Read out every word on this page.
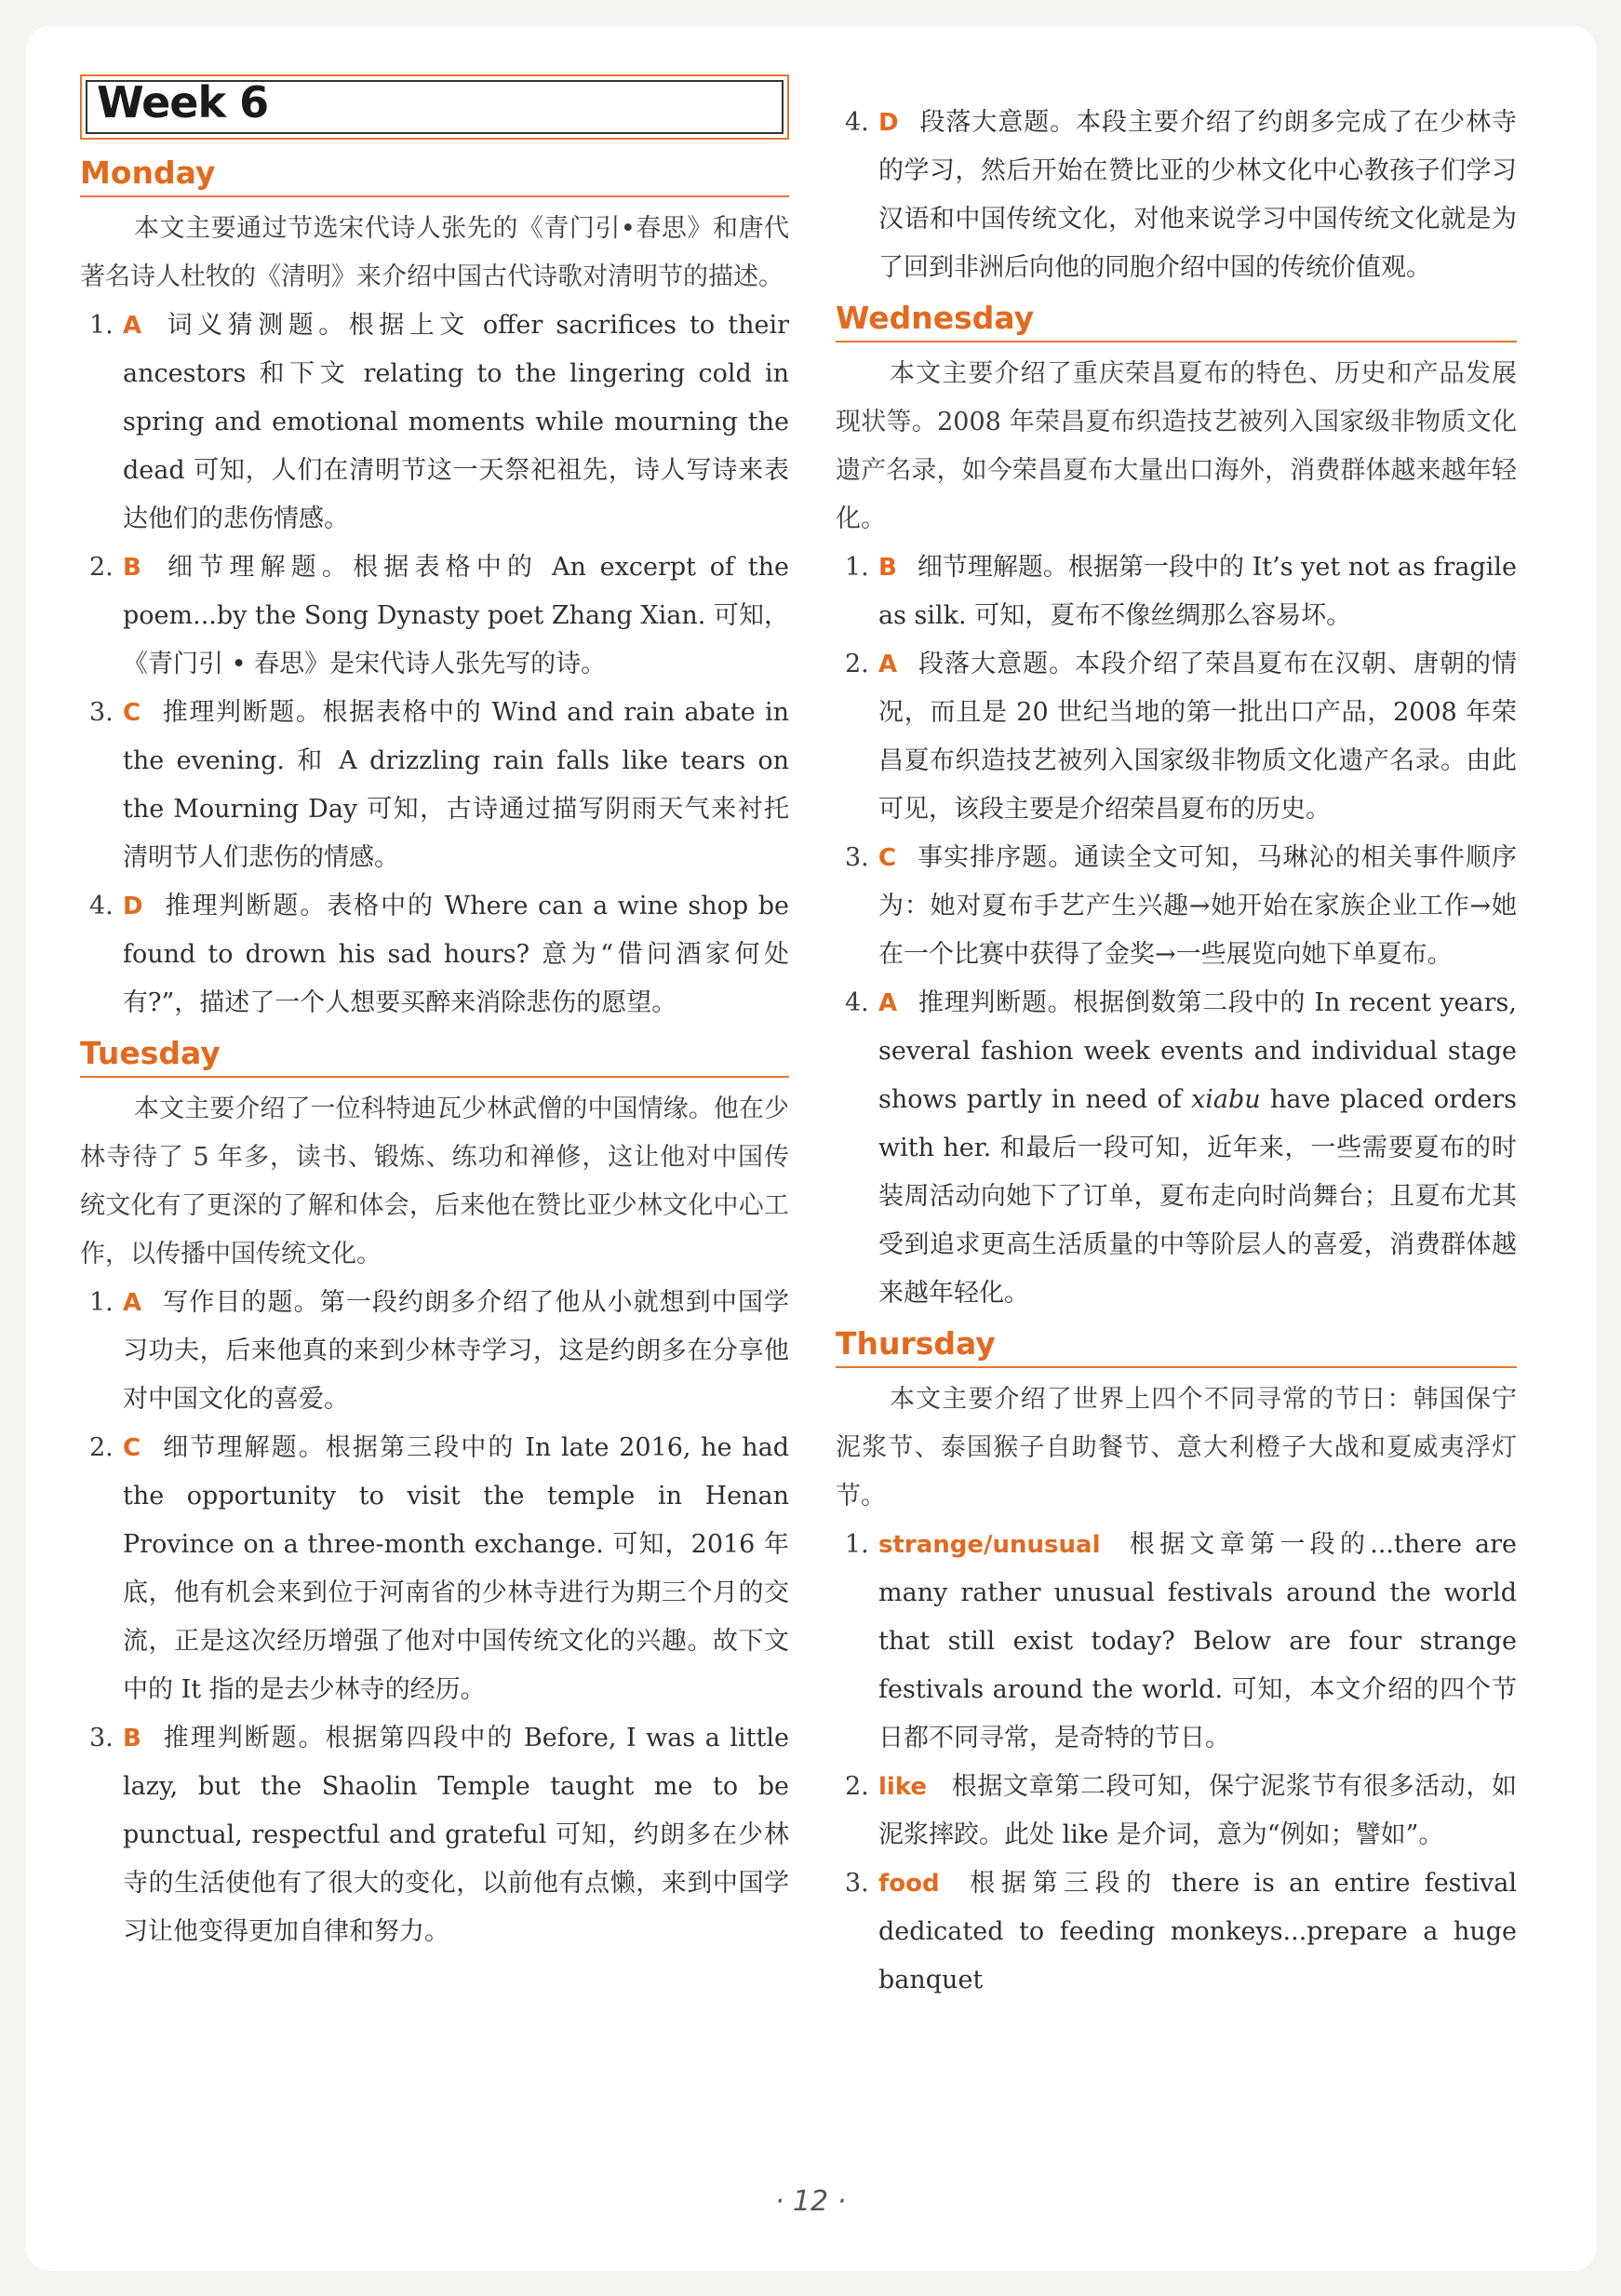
Week 6
Monday

本文主要通过节选宋代诗人张先的《青门引•春思》和唐代著名诗人杜牧的《清明》来介绍中国古代诗歌对清明节的描述。

1. A 词义猜测题。根据上文 offer sacrifices to their ancestors 和下文 relating to the lingering cold in spring and emotional moments while mourning the dead 可知，人们在清明节这一天祭祀祖先，诗人写诗来表达他们的悲伤情感。

2. B 细节理解题。根据表格中的 An excerpt of the poem...by the Song Dynasty poet Zhang Xian. 可知，《青门引 • 春思》是宋代诗人张先写的诗。

3. C 推理判断题。根据表格中的 Wind and rain abate in the evening. 和 A drizzling rain falls like tears on the Mourning Day 可知，古诗通过描写阴雨天气来衬托清明节人们悲伤的情感。

4. D 推理判断题。表格中的 Where can a wine shop be found to drown his sad hours? 意为“借问酒家何处有?”，描述了一个人想要买醉来消除悲伤的愿望。

Tuesday

本文主要介绍了一位科特迪瓦少林武僧的中国情缘。他在少林寺待了 5 年多，读书、锻炼、练功和禅修，这让他对中国传统文化有了更深的了解和体会，后来他在赞比亚少林文化中心工作，以传播中国传统文化。

1. A 写作目的题。第一段约朗多介绍了他从小就想到中国学习功夫，后来他真的来到少林寺学习，这是约朗多在分享他对中国文化的喜爱。

2. C 细节理解题。根据第三段中的 In late 2016, he had the opportunity to visit the temple in Henan Province on a three-month exchange. 可知，2016 年底，他有机会来到位于河南省的少林寺进行为期三个月的交流，正是这次经历增强了他对中国传统文化的兴趣。故下文中的 It 指的是去少林寺的经历。

3. B 推理判断题。根据第四段中的 Before, I was a little lazy, but the Shaolin Temple taught me to be punctual, respectful and grateful 可知，约朗多在少林寺的生活使他有了很大的变化，以前他有点懒，来到中国学习让他变得更加自律和努力。

4. D 段落大意题。本段主要介绍了约朗多完成了在少林寺的学习，然后开始在赞比亚的少林文化中心教孩子们学习汉语和中国传统文化，对他来说学习中国传统文化就是为了回到非洲后向他的同胞介绍中国的传统价值观。

Wednesday

本文主要介绍了重庆荣昌夏布的特色、历史和产品发展现状等。2008 年荣昌夏布织造技艺被列入国家级非物质文化遗产名录，如今荣昌夏布大量出口海外，消费群体越来越年轻化。

1. B 细节理解题。根据第一段中的 It’s yet not as fragile as silk. 可知，夏布不像丝绸那么容易坏。

2. A 段落大意题。本段介绍了荣昌夏布在汉朝、唐朝的情况，而且是 20 世纪当地的第一批出口产品，2008 年荣昌夏布织造技艺被列入国家级非物质文化遗产名录。由此可见，该段主要是介绍荣昌夏布的历史。

3. C 事实排序题。通读全文可知，马琳沁的相关事件顺序为：她对夏布手艺产生兴趣→她开始在家族企业工作→她在一个比赛中获得了金奖→一些展览向她下单夏布。

4. A 推理判断题。根据倒数第二段中的 In recent years, several fashion week events and individual stage shows partly in need of xiabu have placed orders with her. 和最后一段可知，近年来，一些需要夏布的时装周活动向她下了订单，夏布走向时尚舞台；且夏布尤其受到追求更高生活质量的中等阶层人的喜爱，消费群体越来越年轻化。

Thursday

本文主要介绍了世界上四个不同寻常的节日：韩国保宁泥浆节、泰国猴子自助餐节、意大利橙子大战和夏威夷浮灯节。

1. strange/unusual 根据文章第一段的...there are many rather unusual festivals around the world that still exist today? Below are four strange festivals around the world. 可知，本文介绍的四个节日都不同寻常，是奇特的节日。

2. like 根据文章第二段可知，保宁泥浆节有很多活动，如泥浆摔跤。此处 like 是介词，意为“例如；譬如”。

3. food 根据第三段的 there is an entire festival dedicated to feeding monkeys...prepare a huge banquet

· 12 ·
